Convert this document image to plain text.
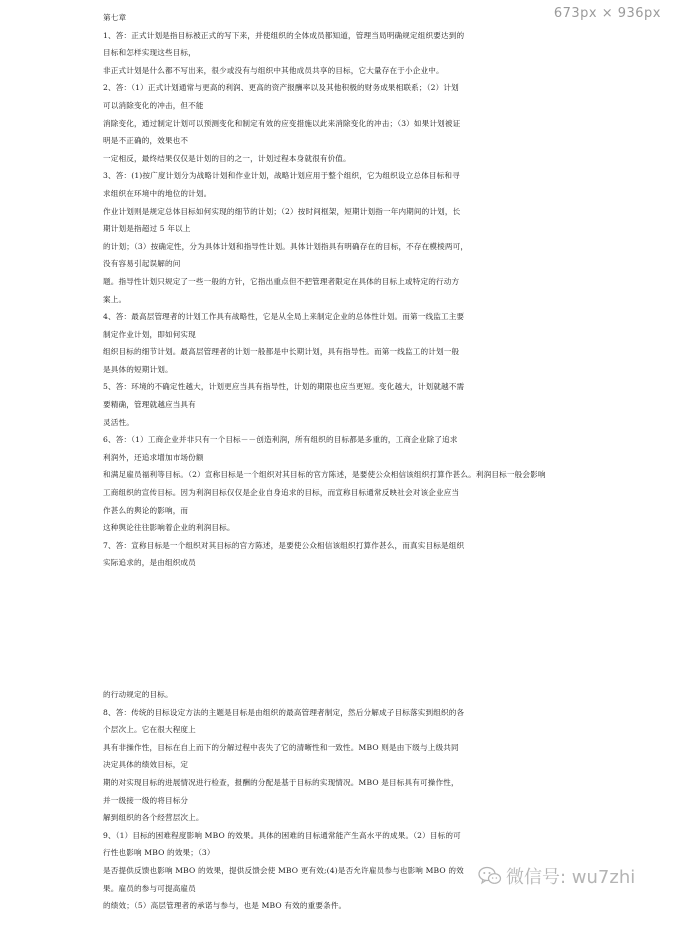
673px × 936px

第七章

1、答：正式计划是指目标被正式的写下来，并使组织的全体成员都知道，管理当局明确规定组织要达到的

目标和怎样实现这些目标，

非正式计划是什么都不写出来，很少或没有与组织中其他成员共享的目标，它大量存在于小企业中。

2、答：（1）正式计划通常与更高的利润、更高的资产报酬率以及其他积极的财务成果相联系；（2）计划

可以消除变化的冲击，但不能

消除变化，通过制定计划可以预测变化和制定有效的应变措施以此来消除变化的冲击；（3）如果计划被证

明是不正确的，效果也不

一定相反，最终结果仅仅是计划的目的之一，计划过程本身就很有价值。

3、答：(1)按广度计划分为战略计划和作业计划，战略计划应用于整个组织，它为组织设立总体目标和寻

求组织在环境中的地位的计划。

作业计划则是规定总体目标如何实现的细节的计划；（2）按时间框架，短期计划指一年内期间的计划，长

期计划是指超过 5 年以上

的计划；（3）按确定性，分为具体计划和指导性计划。具体计划指具有明确存在的目标，不存在模棱两可，

没有容易引起误解的问

题。指导性计划只规定了一些一般的方针，它指出重点但不把管理者限定在具体的目标上或特定的行动方

案上。

4、答：最高层管理者的计划工作具有战略性，它是从全局上来制定企业的总体性计划。而第一线监工主要

制定作业计划，即如何实现

组织目标的细节计划。最高层管理者的计划一般都是中长期计划，具有指导性。而第一线监工的计划一般

是具体的短期计划。

5、答：环境的不确定性越大，计划更应当具有指导性，计划的期限也应当更短。变化越大，计划就越不需

要精确，管理就越应当具有

灵活性。

6、答：（1）工商企业并非只有一个目标－－创造利润，所有组织的目标都是多重的，工商企业除了追求

利润外，还追求增加市场份额

和满足雇员福利等目标。（2）宣称目标是一个组织对其目标的官方陈述，是要使公众相信该组织打算作甚么。利润目标一般会影响

工商组织的宣传目标。因为利润目标仅仅是企业自身追求的目标，而宣称目标通常反映社会对该企业应当

作甚么的舆论的影响，而

这种舆论往往影响着企业的利润目标。

7、答：宣称目标是一个组织对其目标的官方陈述，是要使公众相信该组织打算作甚么，而真实目标是组织

实际追求的，是由组织成员

的行动规定的目标。

8、答：传统的目标设定方法的主题是目标是由组织的最高管理者制定，然后分解成子目标落实到组织的各

个层次上。它在很大程度上

具有非操作性，目标在自上而下的分解过程中丧失了它的清晰性和一致性。MBO 则是由下级与上级共同

决定具体的绩效目标，定

期的对实现目标的进展情况进行检查，报酬的分配是基于目标的实现情况。MBO 是目标具有可操作性，

并一级接一级的将目标分

解到组织的各个经营层次上。

9、（1）目标的困难程度影响 MBO 的效果。具体的困难的目标通常能产生高水平的成果。（2）目标的可

行性也影响 MBO 的效果；（3）

是否提供反馈也影响 MBO 的效果，提供反馈会使 MBO 更有效;(4)是否允许雇员参与也影响 MBO 的效

果。雇员的参与可提高雇员

的绩效；（5）高层管理者的承诺与参与，也是 MBO 有效的重要条件。

微信号: wu7zhi
